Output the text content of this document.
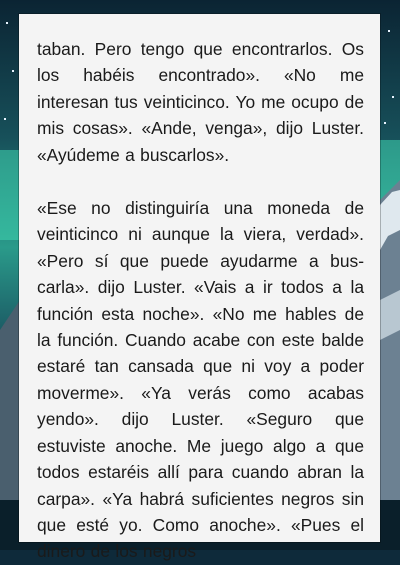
taban. Pero tengo que encontrarlos. Os los habéis encontrado». «No me interesan tus veinticinco. Yo me ocupo de mis cosas». «Ande, venga», dijo Luster. «Ayúdeme a buscarlos».

«Ese no distinguiría una moneda de veinticinco ni aunque la viera, verdad». «Pero sí que puede ayudarme a buscarla». dijo Luster. «Vais a ir todos a la función esta noche». «No me hables de la función. Cuando acabe con este balde estaré tan cansada que ni voy a poder moverme». «Ya verás como acabas yendo». dijo Luster. «Seguro que estuviste anoche. Me juego algo a que todos estaréis allí para cuando abran la carpa». «Ya habrá suficientes negros sin que esté yo. Como anoche». «Pues el dinero de los negros
